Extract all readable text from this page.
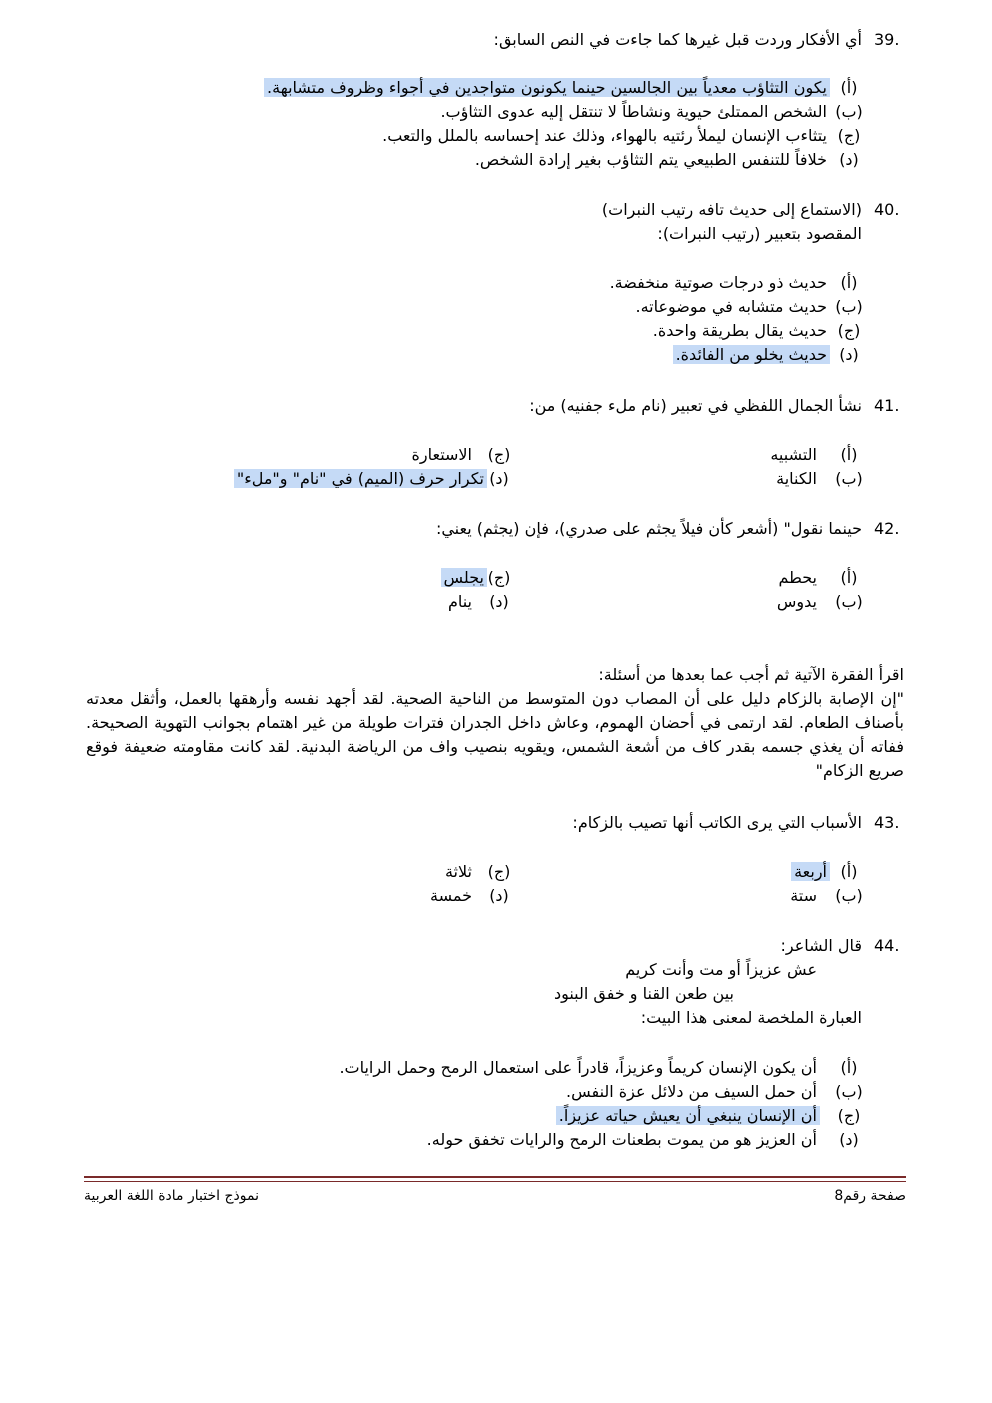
39.
أي الأفكار وردت قبل غيرها كما جاءت في النص السابق:
(أ)
يكون التثاؤب معدياً بين الجالسين حينما يكونون متواجدين في أجواء وظروف متشابهة.
(ب)
الشخص الممتلئ حيوية ونشاطاً لا تنتقل إليه عدوى التثاؤب.
(ج)
يتثاءب الإنسان ليملأ رئتيه بالهواء، وذلك عند إحساسه بالملل والتعب.
(د)
خلافاً للتنفس الطبيعي يتم التثاؤب بغير إرادة الشخص.
40.
(الاستماع إلى حديث تافه رتيب النبرات)
المقصود بتعبير (رتيب النبرات):
(أ)
حديث ذو درجات صوتية منخفضة.
(ب)
حديث متشابه في موضوعاته.
(ج)
حديث يقال بطريقة واحدة.
(د)
حديث يخلو من الفائدة.
41.
نشأ الجمال اللفظي في تعبير (نام ملء جفنيه) من:
(أ)
التشبيه
(ب)
الكناية
(ج)
الاستعارة
(د)
تكرار حرف (الميم) في "نام" و"ملء"
42.
حينما نقول" (أشعر كأن فيلاً يجثم على صدري)، فإن (يجثم) يعني:
(أ)
يحطم
(ب)
يدوس
(ج)
يجلس
(د)
ينام
اقرأ الفقرة الآتية ثم أجب عما بعدها من أسئلة:
"إن الإصابة بالزكام دليل على أن المصاب دون المتوسط من الناحية الصحية. لقد أجهد نفسه وأرهقها بالعمل، وأثقل معدته بأصناف الطعام. لقد ارتمى في أحضان الهموم، وعاش داخل الجدران فترات طويلة من غير اهتمام بجوانب التهوية الصحيحة. ففاته أن يغذي جسمه بقدر كاف من أشعة الشمس، ويقويه بنصيب واف من الرياضة البدنية. لقد كانت مقاومته ضعيفة فوقع صريع الزكام"
43.
الأسباب التي يرى الكاتب أنها تصيب بالزكام:
(أ)
أربعة
(ب)
ستة
(ج)
ثلاثة
(د)
خمسة
44.
قال الشاعر:
عش عزيزاً أو مت وأنت كريم
بين طعن القنا و خفق البنود
العبارة الملخصة لمعنى هذا البيت:
(أ)
أن يكون الإنسان كريماً وعزيزاً، قادراً على استعمال الرمح وحمل الرايات.
(ب)
أن حمل السيف من دلائل عزة النفس.
(ج)
أن الإنسان ينبغي أن يعيش حياته عزيزاً.
(د)
أن العزيز هو من يموت بطعنات الرمح والرايات تخفق حوله.
صفحة رقم8
نموذج اختبار مادة اللغة العربية
